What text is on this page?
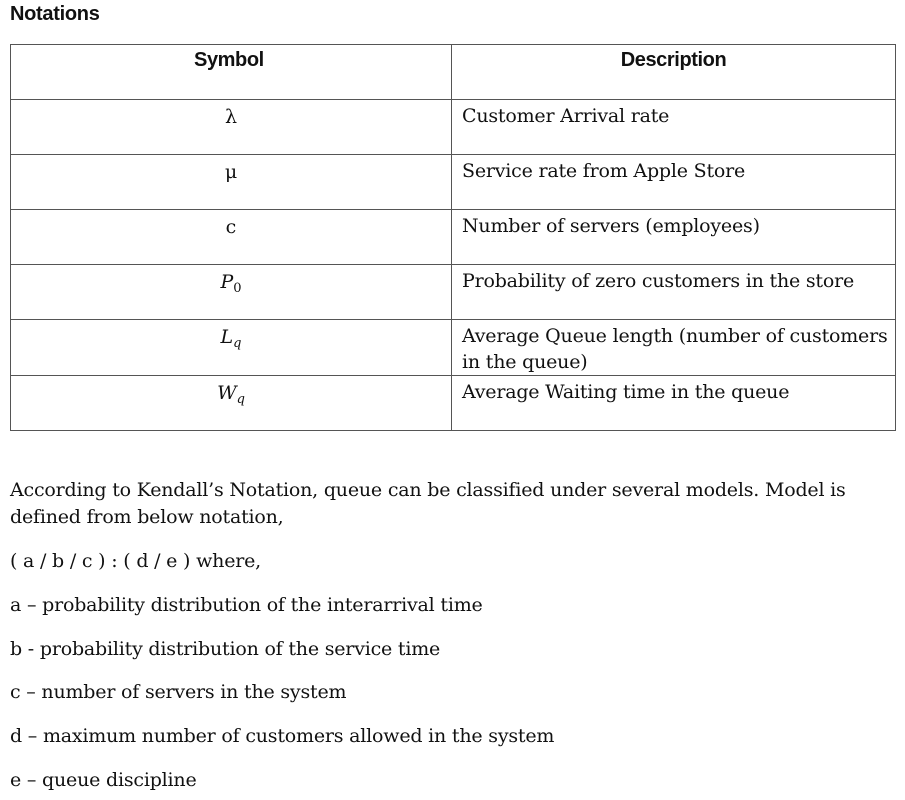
Notations
Symbol	Description
λ	Customer Arrival rate
μ	Service rate from Apple Store
c	Number of servers (employees)
$P_0$	Probability of zero customers in the store
$L_q$	Average Queue length (number of customers in the queue)
$W_q$	Average Waiting time in the queue
According to Kendall’s Notation, queue can be classified under several models. Model is defined from below notation,
( a / b / c ) : ( d / e ) where,
a – probability distribution of the interarrival time
b - probability distribution of the service time
c – number of servers in the system
d – maximum number of customers allowed in the system
e – queue discipline
